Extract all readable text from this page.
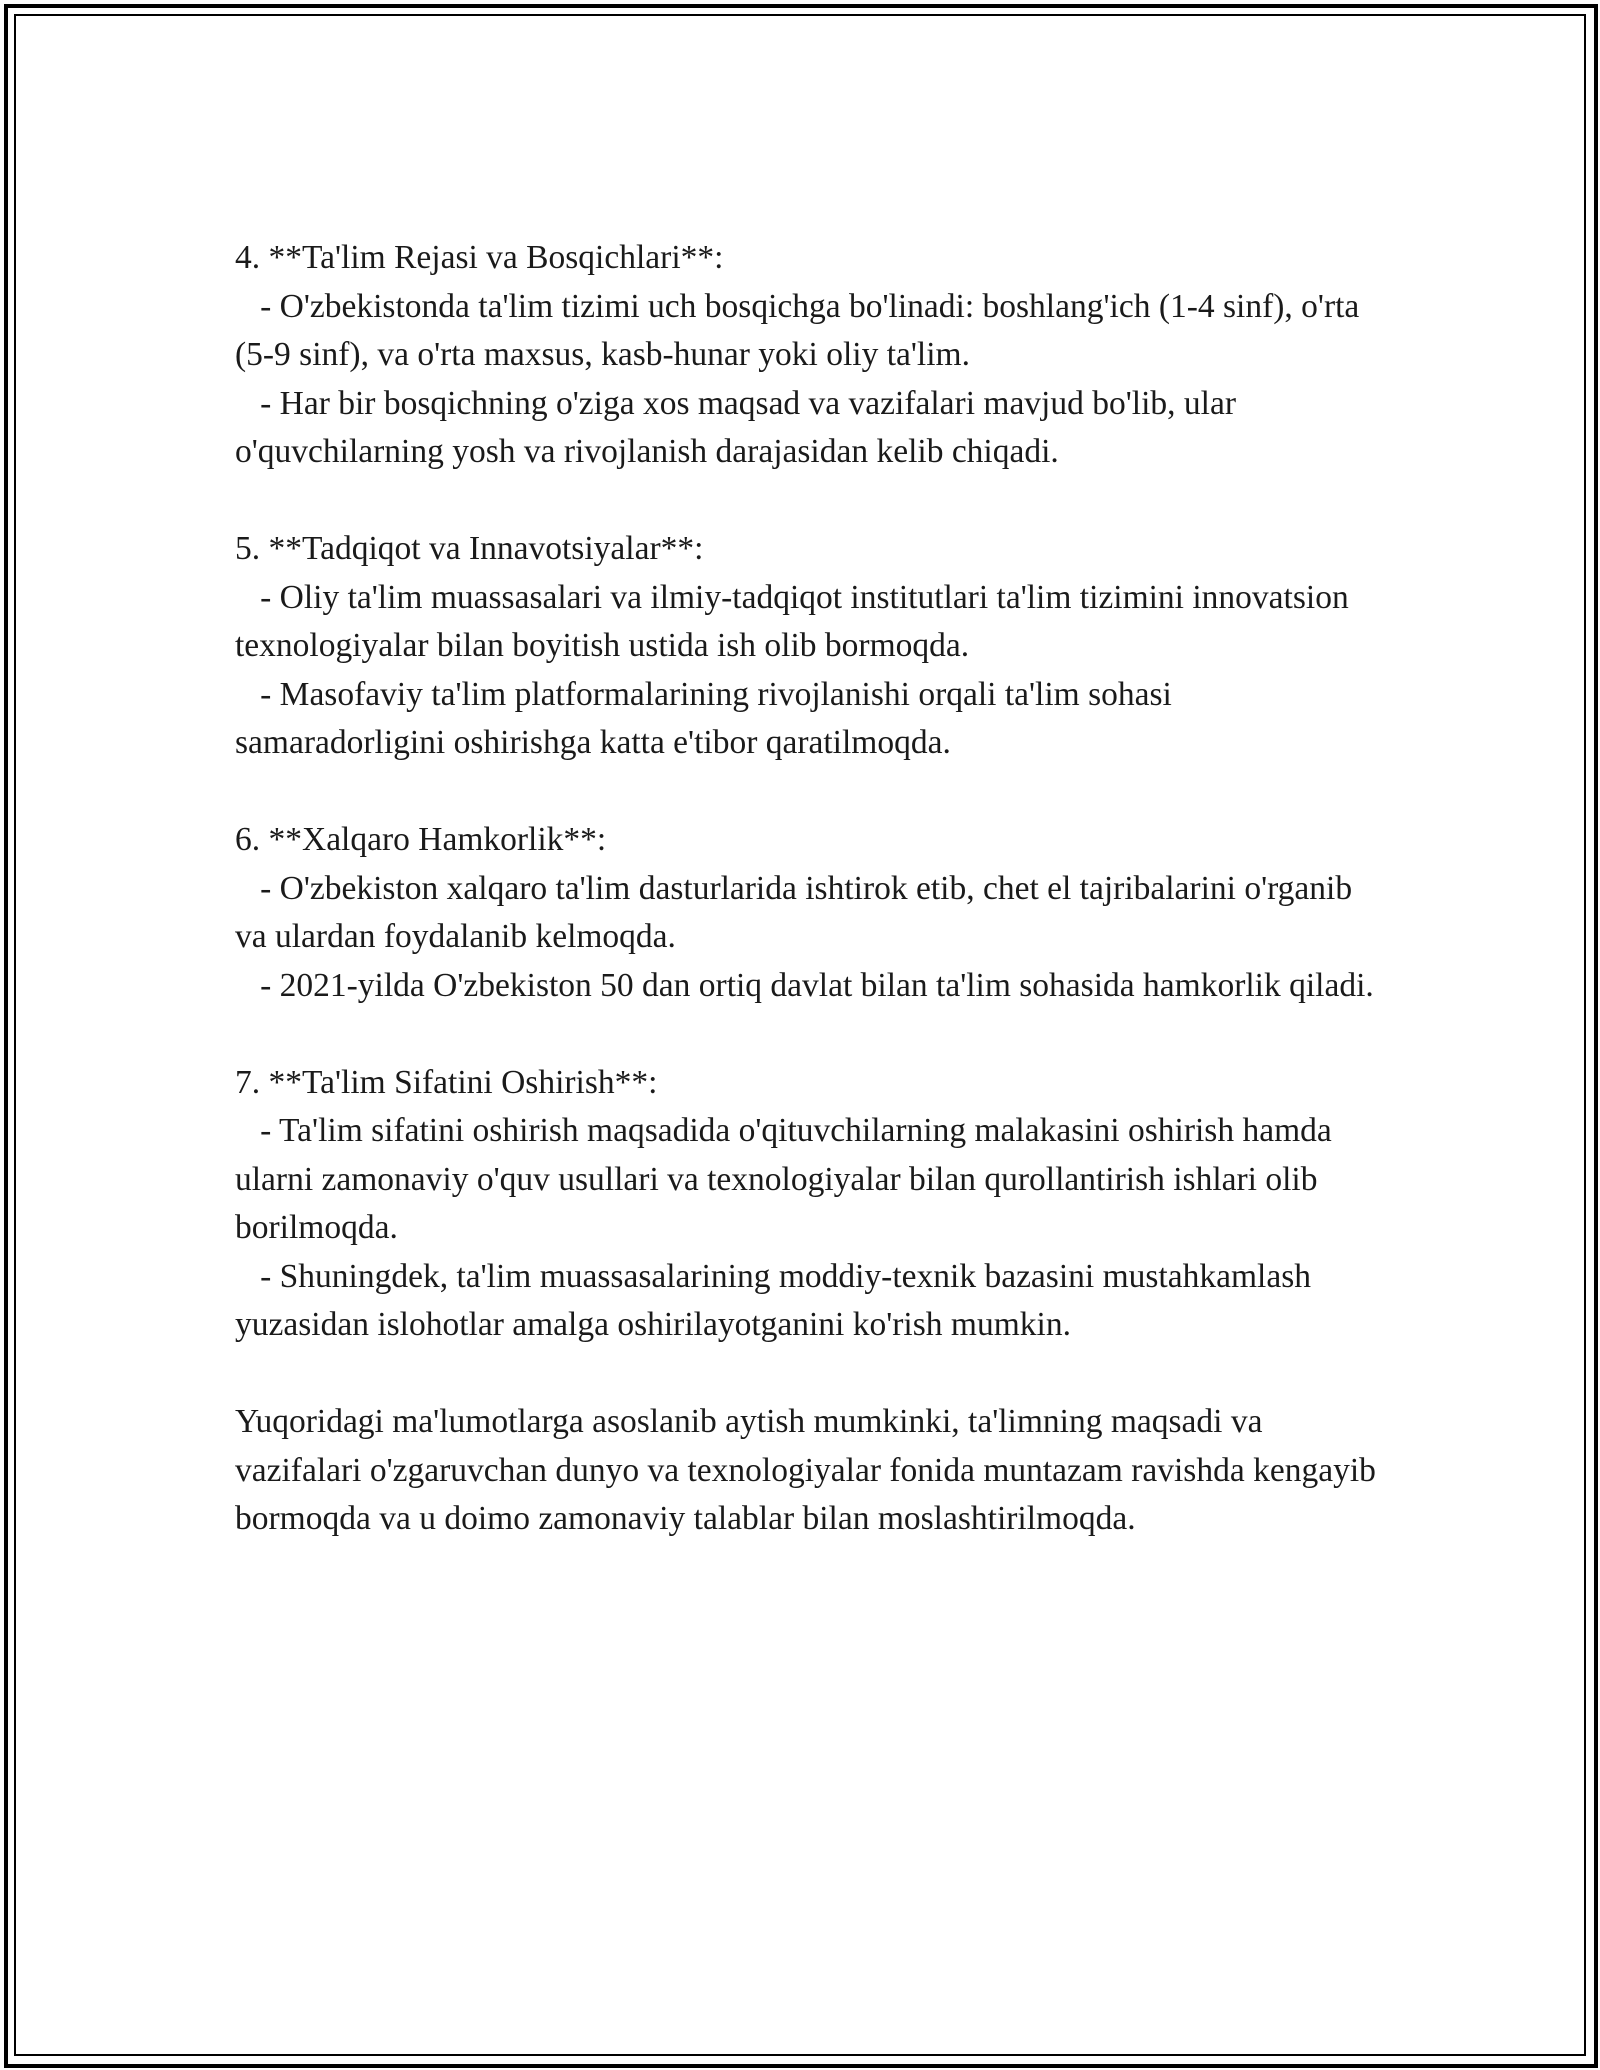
4. **Ta'lim Rejasi va Bosqichlari**:

- O'zbekistonda ta'lim tizimi uch bosqichga bo'linadi: boshlang'ich (1-4 sinf), o'rta (5-9 sinf), va o'rta maxsus, kasb-hunar yoki oliy ta'lim.

- Har bir bosqichning o'ziga xos maqsad va vazifalari mavjud bo'lib, ular o'quvchilarning yosh va rivojlanish darajasidan kelib chiqadi.

5. **Tadqiqot va Innavotsiyalar**:

- Oliy ta'lim muassasalari va ilmiy-tadqiqot institutlari ta'lim tizimini innovatsion texnologiyalar bilan boyitish ustida ish olib bormoqda.

- Masofaviy ta'lim platformalarining rivojlanishi orqali ta'lim sohasi samaradorligini oshirishga katta e'tibor qaratilmoqda.

6. **Xalqaro Hamkorlik**:

- O'zbekiston xalqaro ta'lim dasturlarida ishtirok etib, chet el tajribalarini o'rganib va ulardan foydalanib kelmoqda.

- 2021-yilda O'zbekiston 50 dan ortiq davlat bilan ta'lim sohasida hamkorlik qiladi.

7. **Ta'lim Sifatini Oshirish**:

- Ta'lim sifatini oshirish maqsadida o'qituvchilarning malakasini oshirish hamda ularni zamonaviy o'quv usullari va texnologiyalar bilan qurollantirish ishlari olib borilmoqda.

- Shuningdek, ta'lim muassasalarining moddiy-texnik bazasini mustahkamlash yuzasidan islohotlar amalga oshirilayotganini ko'rish mumkin.

Yuqoridagi ma'lumotlarga asoslanib aytish mumkinki, ta'limning maqsadi va vazifalari o'zgaruvchan dunyo va texnologiyalar fonida muntazam ravishda kengayib bormoqda va u doimo zamonaviy talablar bilan moslashtirilmoqda.
